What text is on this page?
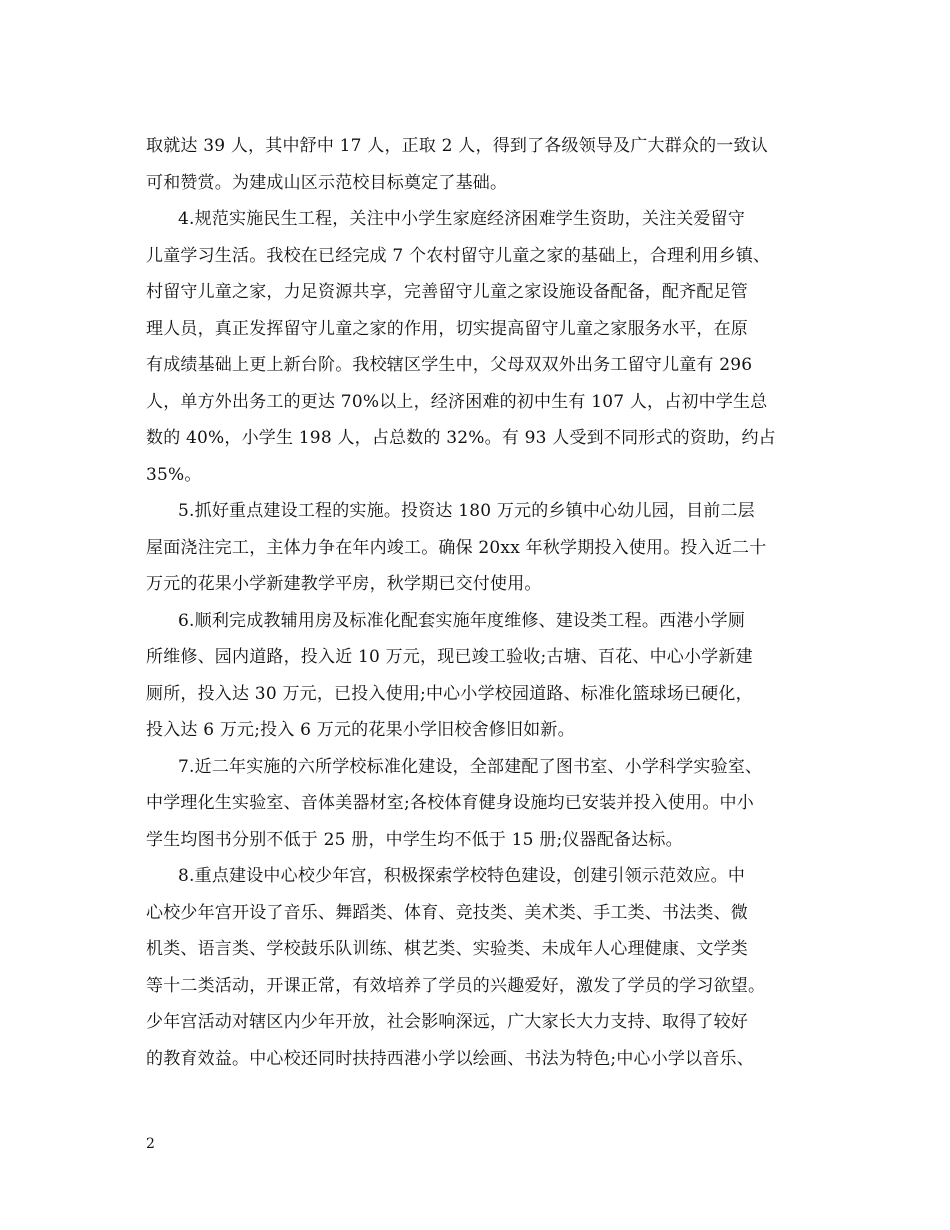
取就达 39 人，其中舒中 17 人，正取 2 人，得到了各级领导及广大群众的一致认
可和赞赏。为建成山区示范校目标奠定了基础。
4.规范实施民生工程，关注中小学生家庭经济困难学生资助，关注关爱留守
儿童学习生活。我校在已经完成 7 个农村留守儿童之家的基础上，合理利用乡镇、
村留守儿童之家，力足资源共享，完善留守儿童之家设施设备配备，配齐配足管
理人员，真正发挥留守儿童之家的作用，切实提高留守儿童之家服务水平，在原
有成绩基础上更上新台阶。我校辖区学生中，父母双双外出务工留守儿童有 296
人，单方外出务工的更达 70%以上，经济困难的初中生有 107 人，占初中学生总
数的 40%，小学生 198 人，占总数的 32%。有 93 人受到不同形式的资助，约占
35%。
5.抓好重点建设工程的实施。投资达 180 万元的乡镇中心幼儿园，目前二层
屋面浇注完工，主体力争在年内竣工。确保 20xx 年秋学期投入使用。投入近二十
万元的花果小学新建教学平房，秋学期已交付使用。
6.顺利完成教辅用房及标准化配套实施年度维修、建设类工程。西港小学厕
所维修、园内道路，投入近 10 万元，现已竣工验收;古塘、百花、中心小学新建
厕所，投入达 30 万元，已投入使用;中心小学校园道路、标准化篮球场已硬化，
投入达 6 万元;投入 6 万元的花果小学旧校舍修旧如新。
7.近二年实施的六所学校标准化建设，全部建配了图书室、小学科学实验室、
中学理化生实验室、音体美器材室;各校体育健身设施均已安装并投入使用。中小
学生均图书分别不低于 25 册，中学生均不低于 15 册;仪器配备达标。
8.重点建设中心校少年宫，积极探索学校特色建设，创建引领示范效应。中
心校少年宫开设了音乐、舞蹈类、体育、竞技类、美术类、手工类、书法类、微
机类、语言类、学校鼓乐队训练、棋艺类、实验类、未成年人心理健康、文学类
等十二类活动，开课正常，有效培养了学员的兴趣爱好，激发了学员的学习欲望。
少年宫活动对辖区内少年开放，社会影响深远，广大家长大力支持、取得了较好
的教育效益。中心校还同时扶持西港小学以绘画、书法为特色;中心小学以音乐、
2
